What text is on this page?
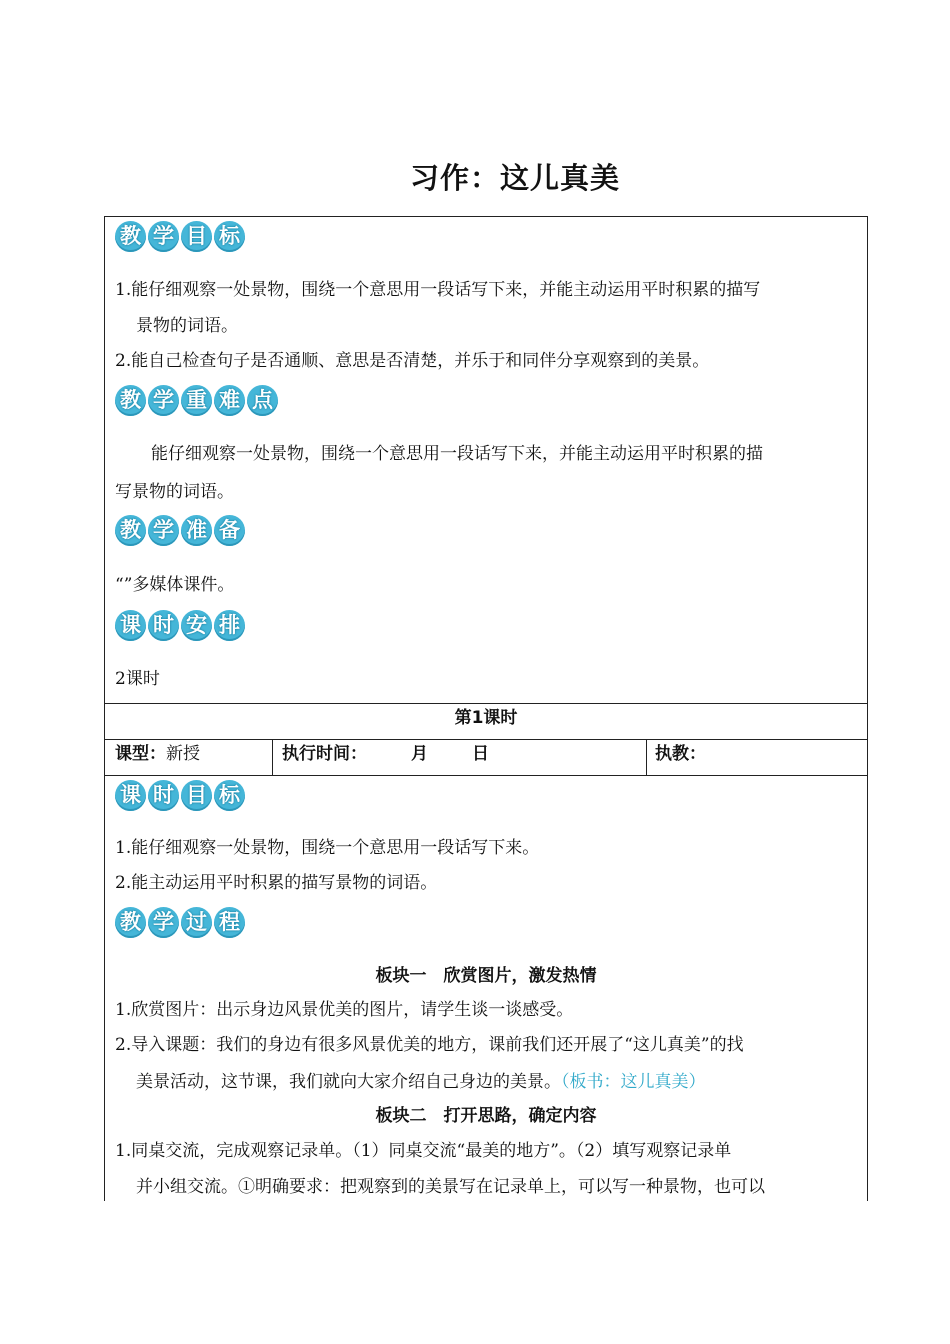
习作：这儿真美
教 学 目 标
1.能仔细观察一处景物，围绕一个意思用一段话写下来，并能主动运用平时积累的描写
景物的词语。
2.能自己检查句子是否通顺、意思是否清楚，并乐于和同伴分享观察到的美景。
教 学 重 难 点
能仔细观察一处景物，围绕一个意思用一段话写下来，并能主动运用平时积累的描
写景物的词语。
教 学 准 备
“”多媒体课件。
课 时 安 排
2课时
第1课时
课型：新授	执行时间：	月	日	执教：
课 时 目 标
1.能仔细观察一处景物，围绕一个意思用一段话写下来。
2.能主动运用平时积累的描写景物的词语。
教 学 过 程
板块一　欣赏图片，激发热情
1.欣赏图片：出示身边风景优美的图片，请学生谈一谈感受。
2.导入课题：我们的身边有很多风景优美的地方，课前我们还开展了“这儿真美”的找
美景活动，这节课，我们就向大家介绍自己身边的美景。（板书：这儿真美）
板块二　打开思路，确定内容
1.同桌交流，完成观察记录单。（1）同桌交流“最美的地方”。（2）填写观察记录单
并小组交流。①明确要求：把观察到的美景写在记录单上，可以写一种景物，也可以
